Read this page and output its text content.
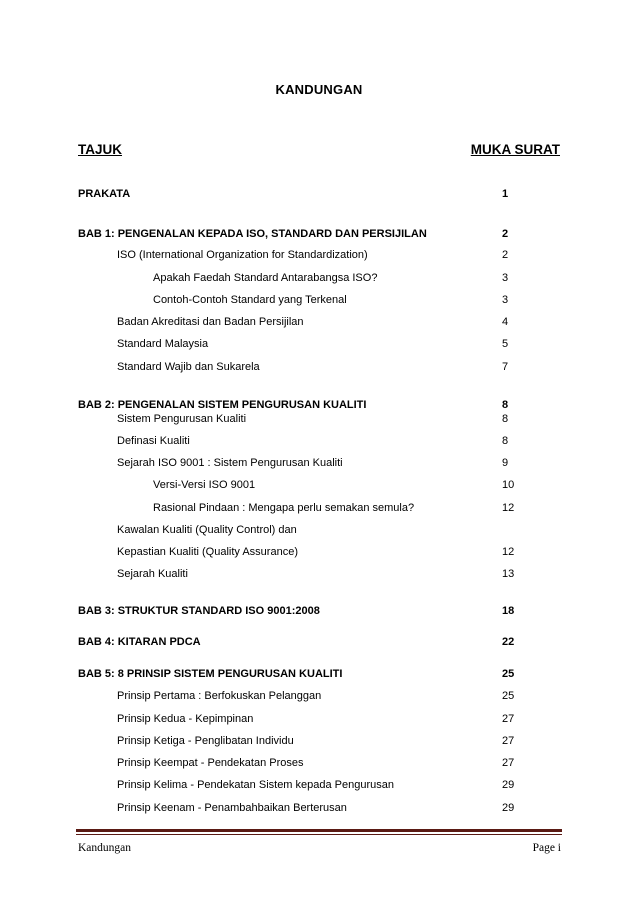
KANDUNGAN
TAJUK	MUKA SURAT
PRAKATA	1
BAB 1: PENGENALAN KEPADA ISO, STANDARD DAN PERSIJILAN	2
ISO (International Organization for Standardization)	2
Apakah Faedah Standard Antarabangsa ISO?	3
Contoh-Contoh Standard yang Terkenal	3
Badan Akreditasi dan Badan Persijilan	4
Standard Malaysia	5
Standard Wajib dan Sukarela	7
BAB 2: PENGENALAN SISTEM PENGURUSAN KUALITI	8
Sistem Pengurusan Kualiti	8
Definasi Kualiti	8
Sejarah ISO 9001 : Sistem Pengurusan Kualiti	9
Versi-Versi ISO 9001	10
Rasional Pindaan : Mengapa perlu semakan semula?	12
Kawalan Kualiti (Quality Control) dan
Kepastian Kualiti (Quality Assurance)	12
Sejarah Kualiti	13
BAB 3: STRUKTUR STANDARD ISO 9001:2008	18
BAB 4: KITARAN PDCA	22
BAB 5: 8 PRINSIP SISTEM PENGURUSAN KUALITI	25
Prinsip Pertama : Berfokuskan Pelanggan	25
Prinsip Kedua - Kepimpinan	27
Prinsip Ketiga - Penglibatan Individu	27
Prinsip Keempat - Pendekatan Proses	27
Prinsip Kelima - Pendekatan Sistem kepada Pengurusan	29
Prinsip Keenam - Penambahbaikan Berterusan	29
Kandungan	Page i
